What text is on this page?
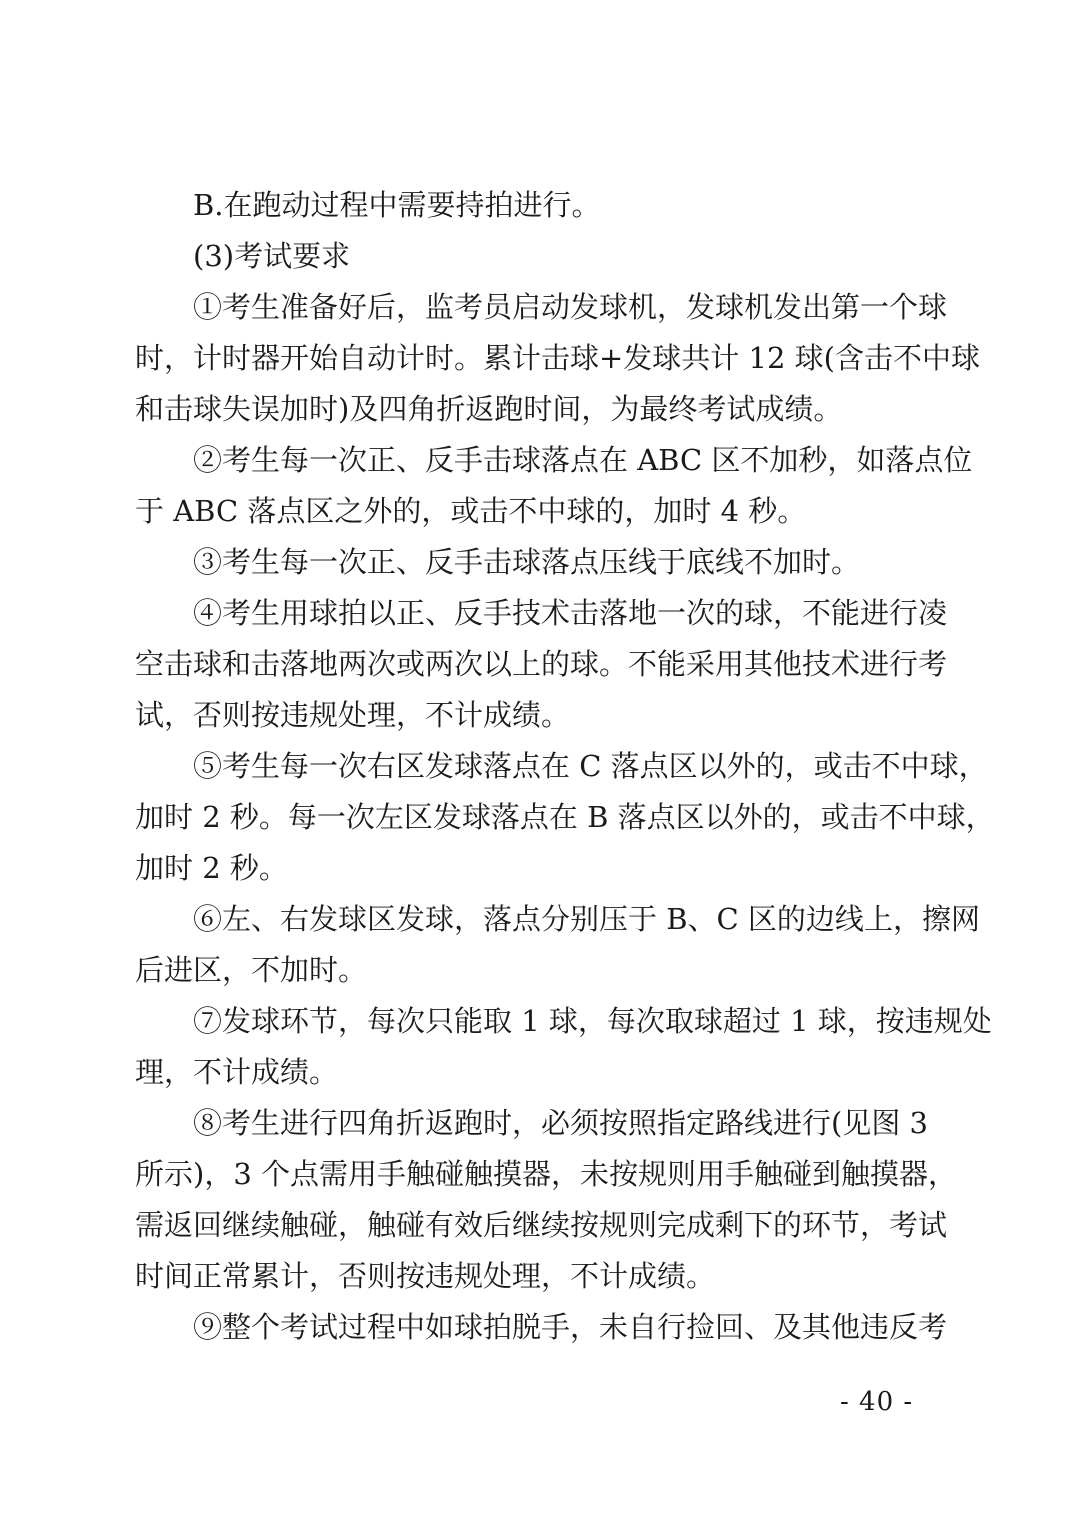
B.在跑动过程中需要持拍进行。
(3)考试要求
①考生准备好后，监考员启动发球机，发球机发出第一个球
时，计时器开始自动计时。累计击球+发球共计 12 球(含击不中球
和击球失误加时)及四角折返跑时间，为最终考试成绩。
②考生每一次正、反手击球落点在 ABC 区不加秒，如落点位
于 ABC 落点区之外的，或击不中球的，加时 4 秒。
③考生每一次正、反手击球落点压线于底线不加时。
④考生用球拍以正、反手技术击落地一次的球，不能进行凌
空击球和击落地两次或两次以上的球。不能采用其他技术进行考
试，否则按违规处理，不计成绩。
⑤考生每一次右区发球落点在 C 落点区以外的，或击不中球，
加时 2 秒。每一次左区发球落点在 B 落点区以外的，或击不中球，
加时 2 秒。
⑥左、右发球区发球，落点分别压于 B、C 区的边线上，擦网
后进区，不加时。
⑦发球环节，每次只能取 1 球，每次取球超过 1 球，按违规处
理，不计成绩。
⑧考生进行四角折返跑时，必须按照指定路线进行(见图 3
所示)，3 个点需用手触碰触摸器，未按规则用手触碰到触摸器，
需返回继续触碰，触碰有效后继续按规则完成剩下的环节，考试
时间正常累计，否则按违规处理，不计成绩。
⑨整个考试过程中如球拍脱手，未自行捡回、及其他违反考
- 40 -
